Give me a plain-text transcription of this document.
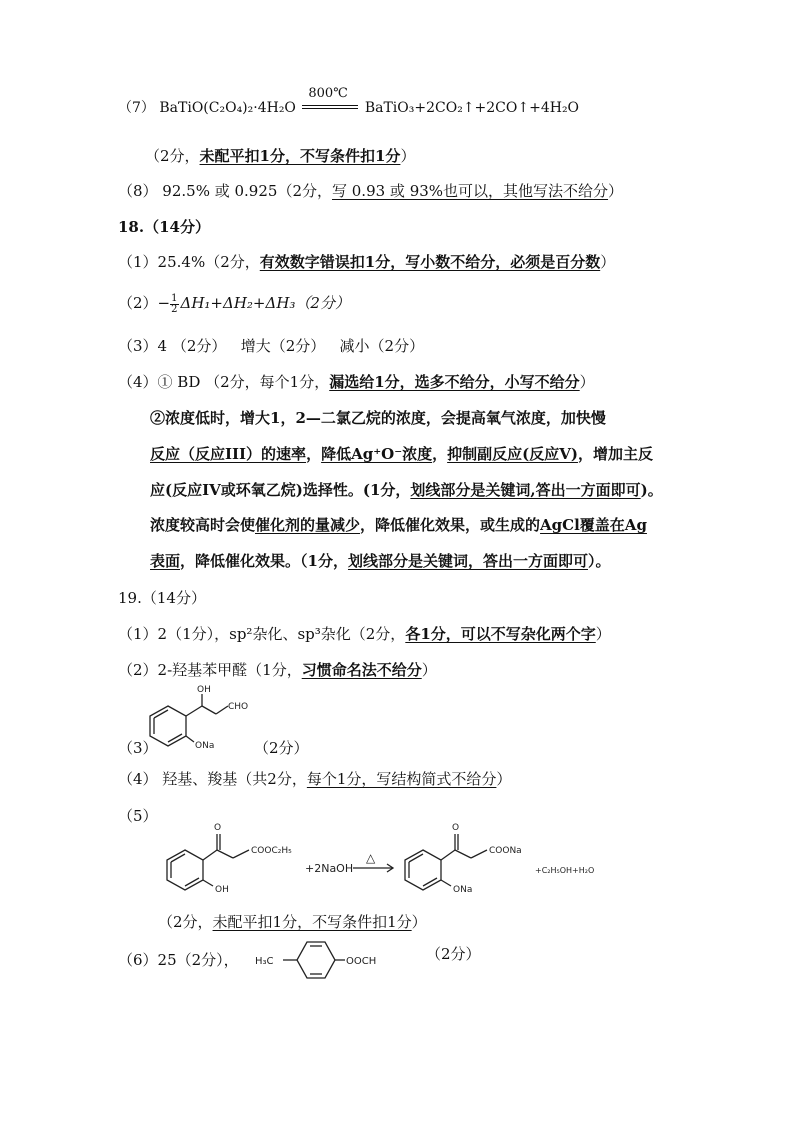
（7） BaTiO(C₂O₄)₂·4H₂O
800℃
BaTiO₃+2CO₂↑+2CO↑+4H₂O
（2分，未配平扣1分，不写条件扣1分）
（8） 92.5% 或 0.925（2分，写 0.93 或 93%也可以，其他写法不给分）
18.（14分）
（1）25.4%（2分，有效数字错误扣1分，写小数不给分，必须是百分数）
$(2)- \frac{1}{2} \Delta H_1+\Delta H_2+\Delta H_3(2$分）
（3）4 （2分）   增大（2分）   减小（2分）
（4）① BD （2分，每个1分，漏选给1分，选多不给分，小写不给分）
②浓度低时，增大1，2—二氯乙烷的浓度，会提高氧气浓度，加快慢
反应（反应III）的速率，降低Ag⁺O⁻浓度，抑制副反应(反应V)，增加主反
应(反应IV或环氧乙烷)选择性。(1分，划线部分是关键词,答出一方面即可)。
浓度较高时会使催化剂的量减少，降低催化效果，或生成的AgCl覆盖在Ag
表面，降低催化效果。（1分，划线部分是关键词，答出一方面即可）。
19.（14分）
（1）2（1分），sp²杂化、sp³杂化（2分，各1分，可以不写杂化两个字）
（2）2-羟基苯甲醛（1分，习惯命名法不给分）
（3）
OH
CHO
ONa	（2分）
（4） 羟基、羧基（共2分，每个1分，写结构简式不给分）
（5）
O
COOC₂H₅
OH
+2NaOH
△
O
COONa
ONa
+C₂H₅OH+H₂O
（2分，未配平扣1分，不写条件扣1分）
（6）25（2分）， H₃C	OOCH	（2分）
